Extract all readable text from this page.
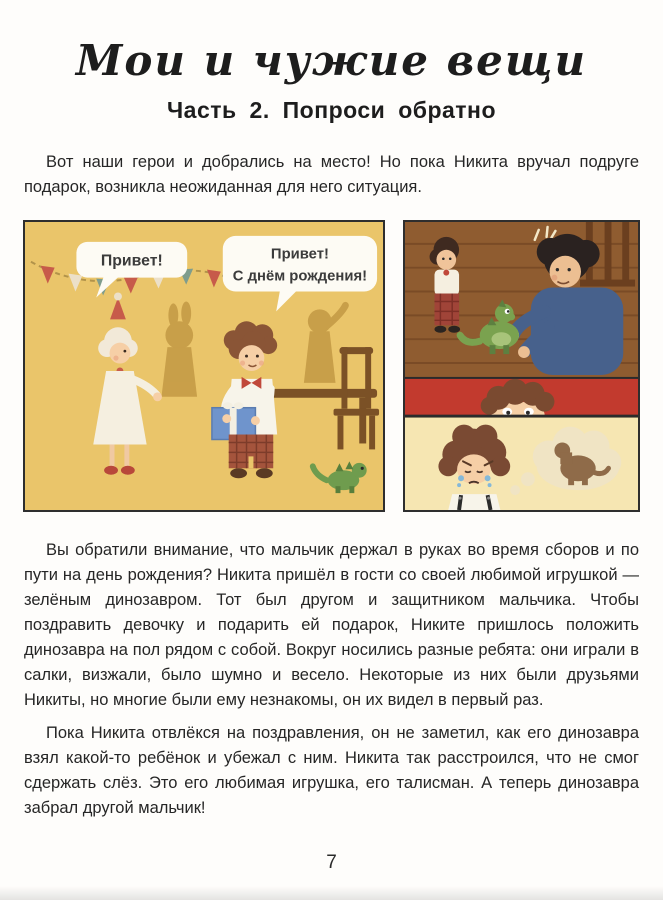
Мои и чужие вещи
Часть 2. Попроси обратно

Вот наши герои и добрались на место! Но пока Никита вручал подруге подарок, возникла неожиданная для него ситуация.

Привет!	Привет!
С днём рождения!

Вы обратили внимание, что мальчик держал в руках во время сборов и по пути на день рождения? Никита пришёл в гости со своей любимой игрушкой — зелёным динозавром. Тот был другом и защитником мальчика. Чтобы поздравить девочку и подарить ей подарок, Никите пришлось положить динозавра на пол рядом с собой. Вокруг носились разные ребята: они играли в салки, визжали, было шумно и весело. Некоторые из них были друзьями Никиты, но многие были ему незнакомы, он их видел в первый раз.

Пока Никита отвлёкся на поздравления, он не заметил, как его динозавра взял какой-то ребёнок и убежал с ним. Никита так расстроился, что не смог сдержать слёз. Это его любимая игрушка, его талисман. А теперь динозавра забрал другой мальчик!

7
